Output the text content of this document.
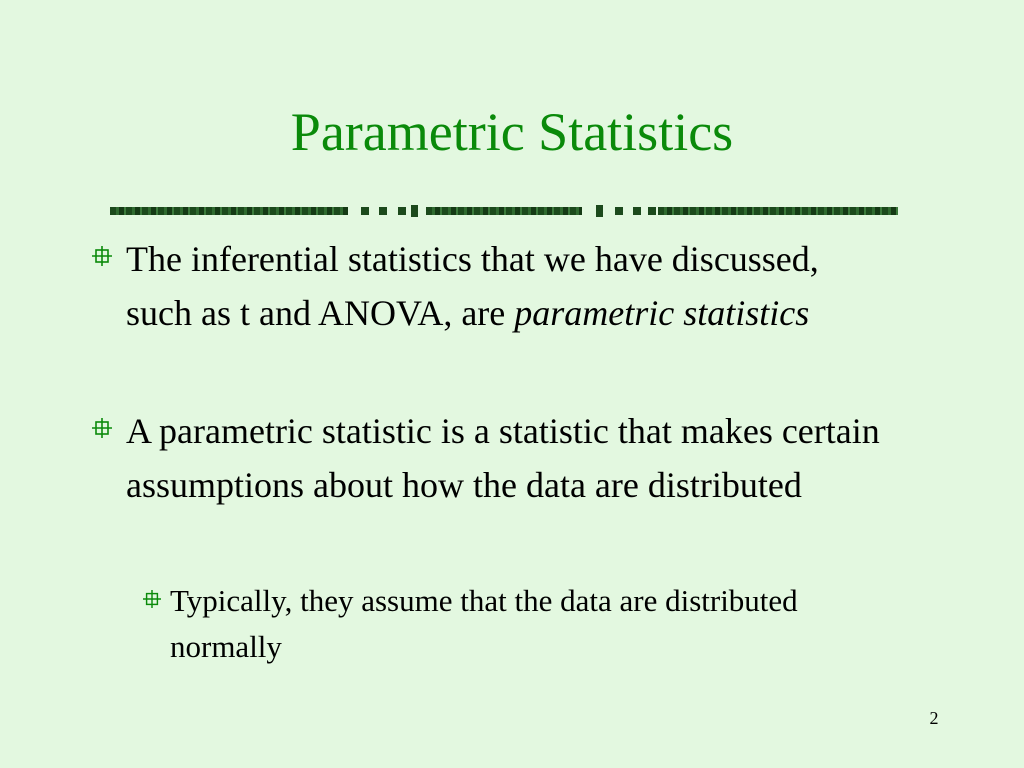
Parametric Statistics
The inferential statistics that we have discussed, such as t and ANOVA, are parametric statistics
A parametric statistic is a statistic that makes certain assumptions about how the data are distributed
Typically, they assume that the data are distributed normally
2
